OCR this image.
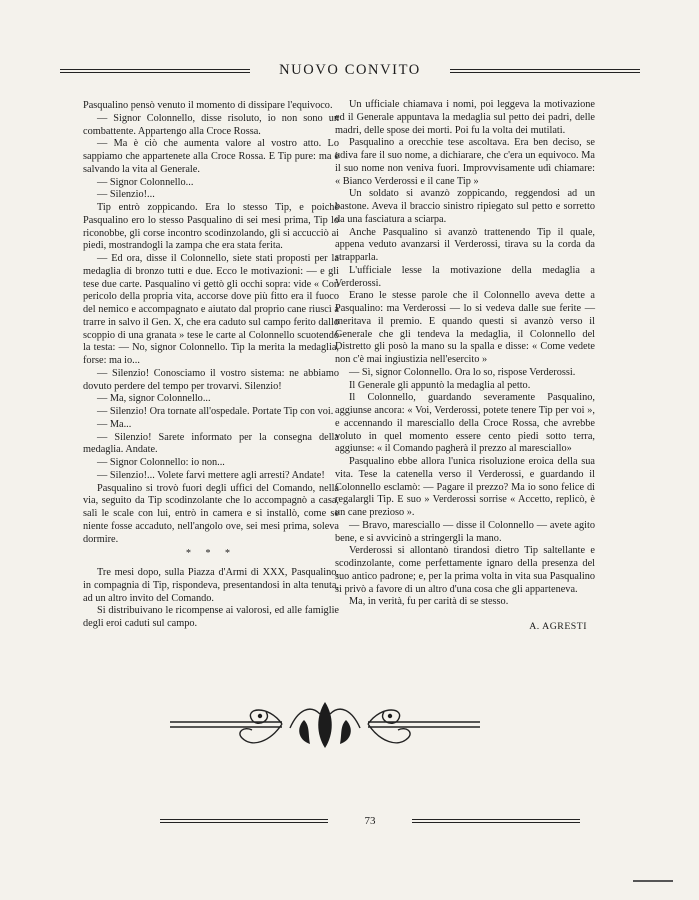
NUOVO CONVITO

Pasqualino pensò venuto il momento di dissipare l'equivoco.

— Signor Colonnello, disse risoluto, io non sono un combattente. Appartengo alla Croce Rossa.

— Ma è ciò che aumenta valore al vostro atto. Lo sappiamo che appartenete alla Croce Rossa. E Tip pure: ma è salvando la vita al Generale.

— Signor Colonnello...

— Silenzio!...

Tip entrò zoppicando. Era lo stesso Tip, e poichè Pasqualino ero lo stesso Pasqualino di sei mesi prima, Tip lo riconobbe, gli corse incontro scodinzolando, gli si accucciò ai piedi, mostrandogli la zampa che era stata ferita.

— Ed ora, disse il Colonnello, siete stati proposti per la medaglia di bronzo tutti e due. Ecco le motivazioni: — e gli tese due carte. Pasqualino vi gettò gli occhi sopra: vide « Con pericolo della propria vita, accorse dove più fitto era il fuoco del nemico e accompagnato e aiutato dal proprio cane riuscì a trarre in salvo il Gen. X, che era caduto sul campo ferito dallo scoppio di una granata » tese le carte al Colonnello scuotendo la testa: — No, signor Colonnello. Tip la merita la medaglia, forse: ma io...

— Silenzio! Conosciamo il vostro sistema: ne abbiamo dovuto perdere del tempo per trovarvi. Silenzio!

— Ma, signor Colonnello...

— Silenzio! Ora tornate all'ospedale. Portate Tip con voi.

— Ma...

— Silenzio! Sarete informato per la consegna della medaglia. Andate.

— Signor Colonnello: io non...

— Silenzio!... Volete farvi mettere agli arresti? Andate!

Pasqualino si trovò fuori degli uffici del Comando, nella via, seguito da Tip scodinzolante che lo accompagnò a casa, salì le scale con lui, entrò in camera e si installò, come se niente fosse accaduto, nell'angolo ove, sei mesi prima, soleva dormire.

* * *

Tre mesi dopo, sulla Piazza d'Armi di XXX, Pasqualino, in compagnia di Tip, rispondeva, presentandosi in alta tenuta, ad un altro invito del Comando.

Si distribuivano le ricompense ai valorosi, ed alle famiglie degli eroi caduti sul campo.

Un ufficiale chiamava i nomi, poi leggeva la motivazione ed il Generale appuntava la medaglia sul petto dei padri, delle madri, delle spose dei morti. Poi fu la volta dei mutilati.

Pasqualino a orecchie tese ascoltava. Era ben deciso, se udiva fare il suo nome, a dichiarare, che c'era un equivoco. Ma il suo nome non veniva fuori. Improvvisamente udì chiamare: « Bianco Verderossi e il cane Tip »

Un soldato si avanzò zoppicando, reggendosi ad un bastone. Aveva il braccio sinistro ripiegato sul petto e sorretto da una fasciatura a sciarpa.

Anche Pasqualino si avanzò trattenendo Tip il quale, appena veduto avanzarsi il Verderossi, tirava su la corda da strapparla.

L'ufficiale lesse la motivazione della medaglia a Verderossi.

Erano le stesse parole che il Colonnello aveva dette a Pasqualino: ma Verderossi — lo si vedeva dalle sue ferite — meritava il premio. E quando questi si avanzò verso il Generale che gli tendeva la medaglia, il Colonnello del Distretto gli posò la mano su la spalla e disse: « Come vedete non c'è mai ingiustizia nell'esercito »

— Sì, signor Colonnello. Ora lo so, rispose Verderossi.

Il Generale gli appuntò la medaglia al petto.

Il Colonnello, guardando severamente Pasqualino, aggiunse ancora: « Voi, Verderossi, potete tenere Tip per voi », e accennando il maresciallo della Croce Rossa, che avrebbe voluto in quel momento essere cento piedi sotto terra, aggiunse: « il Comando pagherà il prezzo al maresciallo»

Pasqualino ebbe allora l'unica risoluzione eroica della sua vita. Tese la catenella verso il Verderossi, e guardando il Colonnello esclamò: — Pagare il prezzo? Ma io sono felice di regalargli Tip. E suo » Verderossi sorrise « Accetto, replicò, è un cane prezioso ».

— Bravo, maresciallo — disse il Colonnello — avete agito bene, e si avvicinò a stringergli la mano.

Verderossi si allontanò tirandosi dietro Tip saltellante e scodinzolante, come perfettamente ignaro della presenza del suo antico padrone; e, per la prima volta in vita sua Pasqualino si privò a favore di un altro d'una cosa che gli apparteneva.

Ma, in verità, fu per carità di se stesso.

A. AGRESTI
73
